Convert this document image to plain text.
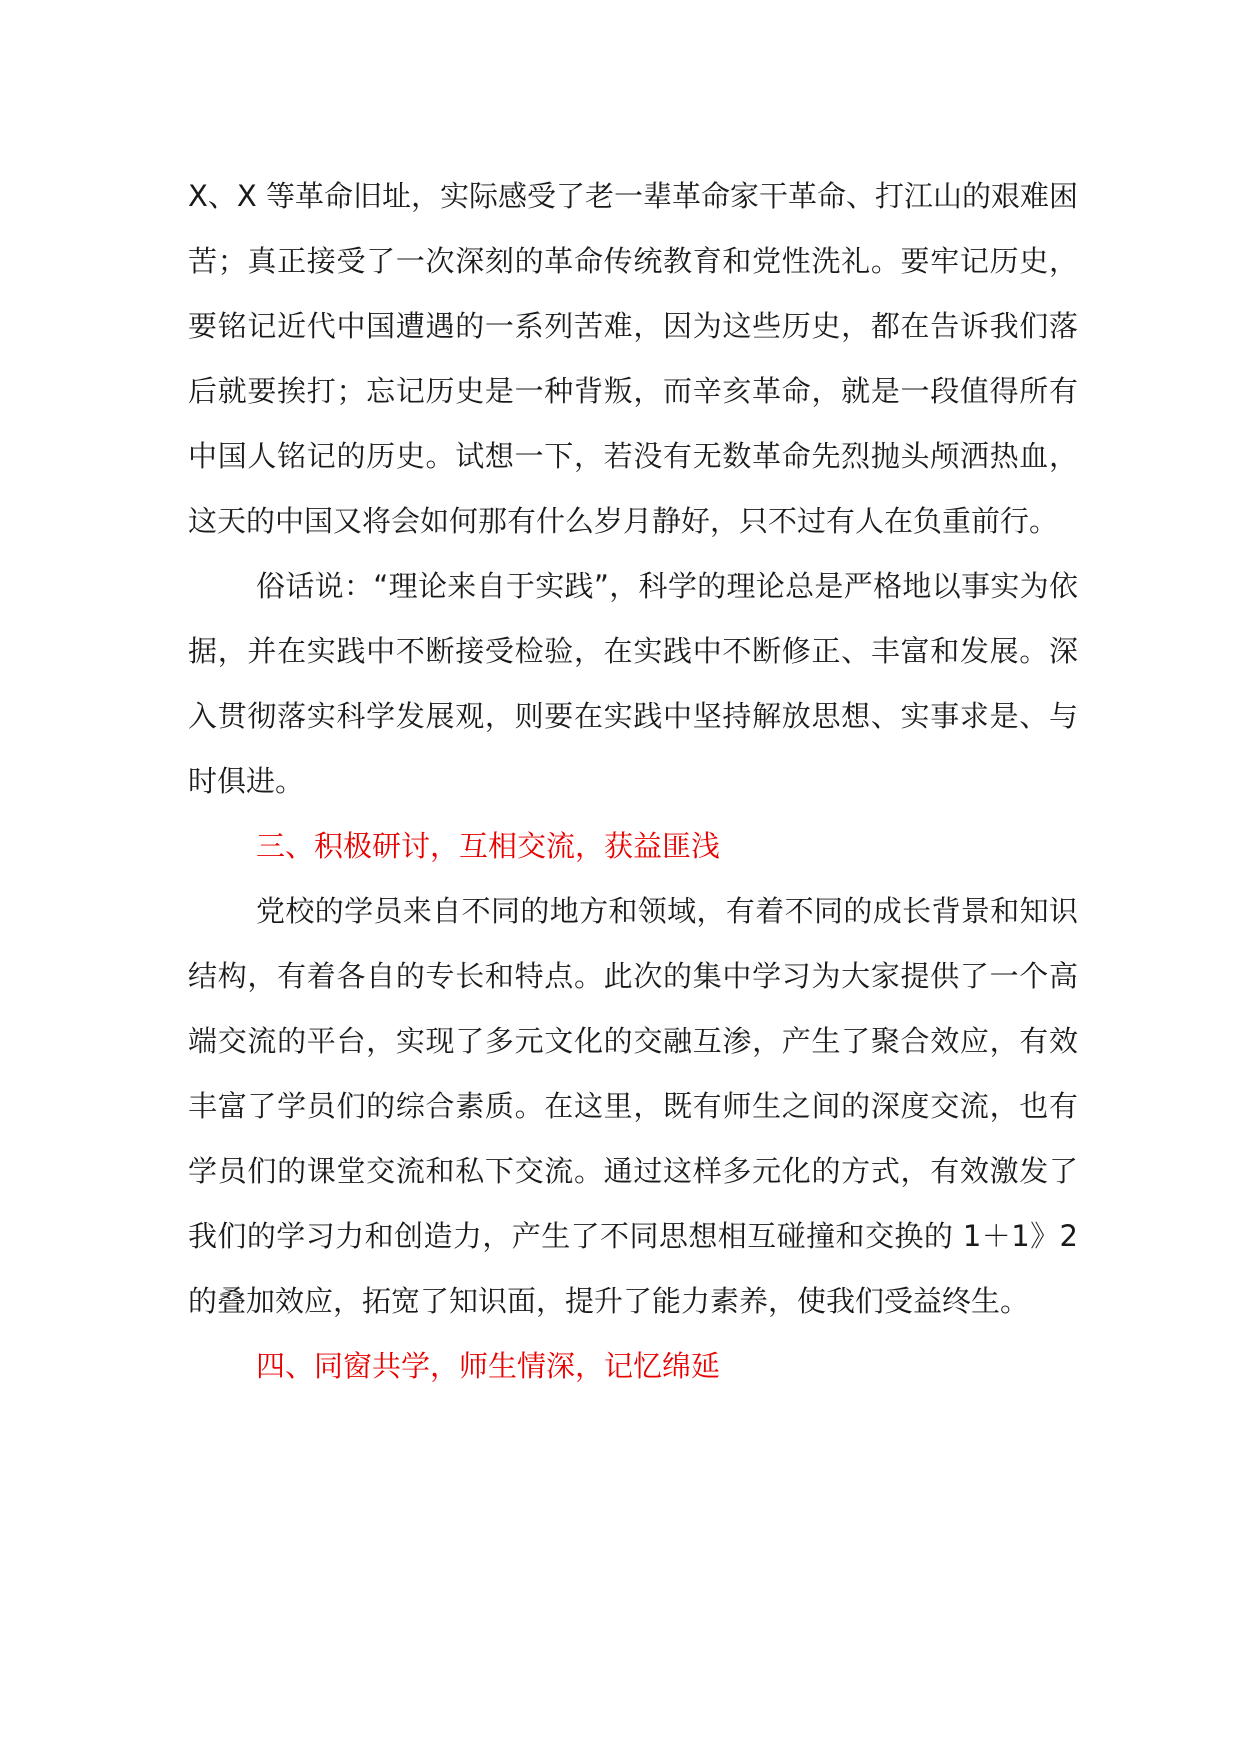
X、X 等革命旧址，实际感受了老一辈革命家干革命、打江山的艰难困苦；真正接受了一次深刻的革命传统教育和党性洗礼。要牢记历史，要铭记近代中国遭遇的一系列苦难，因为这些历史，都在告诉我们落后就要挨打；忘记历史是一种背叛，而辛亥革命，就是一段值得所有中国人铭记的历史。试想一下，若没有无数革命先烈抛头颅洒热血，这天的中国又将会如何那有什么岁月静好，只不过有人在负重前行。

俗话说：“理论来自于实践”，科学的理论总是严格地以事实为依据，并在实践中不断接受检验，在实践中不断修正、丰富和发展。深入贯彻落实科学发展观，则要在实践中坚持解放思想、实事求是、与时俱进。

三、积极研讨，互相交流，获益匪浅

党校的学员来自不同的地方和领域，有着不同的成长背景和知识结构，有着各自的专长和特点。此次的集中学习为大家提供了一个高端交流的平台，实现了多元文化的交融互渗，产生了聚合效应，有效丰富了学员们的综合素质。在这里，既有师生之间的深度交流，也有学员们的课堂交流和私下交流。通过这样多元化的方式，有效激发了我们的学习力和创造力，产生了不同思想相互碰撞和交换的 1＋1》2 的叠加效应，拓宽了知识面，提升了能力素养，使我们受益终生。

四、同窗共学，师生情深，记忆绵延
